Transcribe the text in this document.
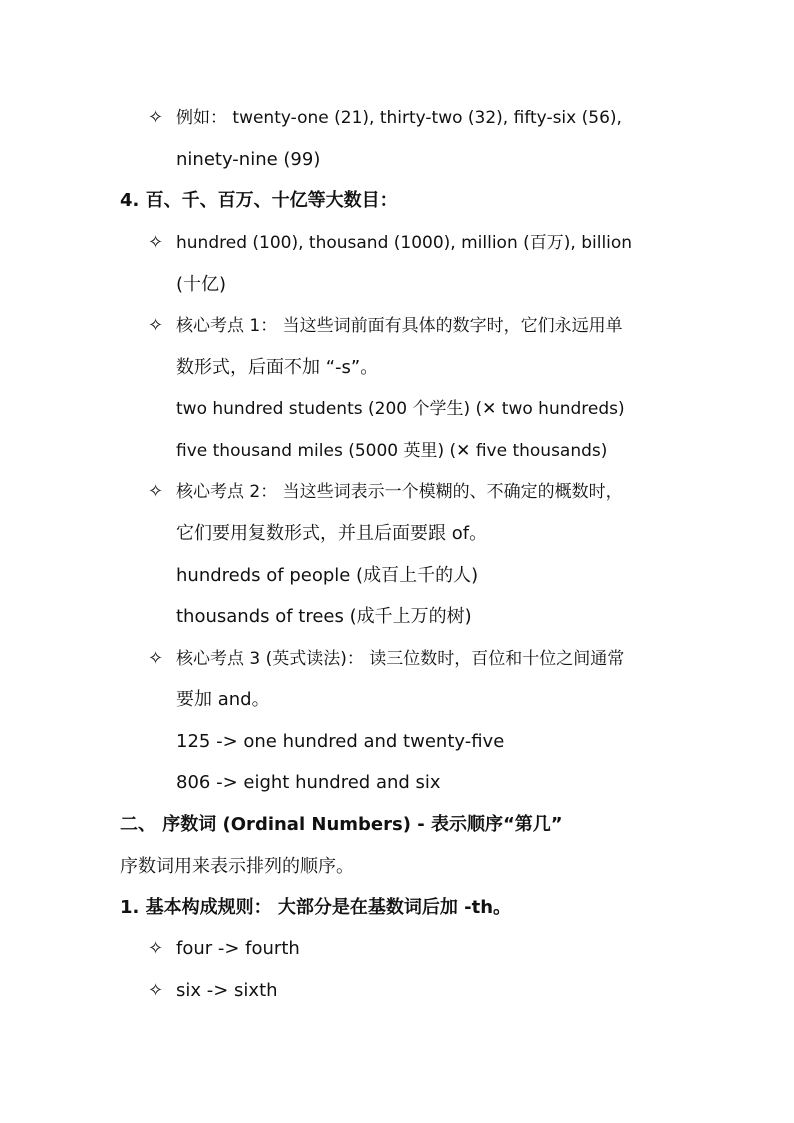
✧
✧
✧
✧
✧
✧
✧
例如： twenty-one (21), thirty-two (32), fifty-six (56),
ninety-nine (99)
4. 百、千、百万、十亿等大数目：
hundred (100), thousand (1000), million (百万), billion
(十亿)
核心考点 1： 当这些词前面有具体的数字时，它们永远用单
数形式，后面不加 “-s”。
two hundred students (200 个学生) (✕ two hundreds)
five thousand miles (5000 英里) (✕ five thousands)
核心考点 2： 当这些词表示一个模糊的、不确定的概数时，
它们要用复数形式，并且后面要跟 of。
hundreds of people (成百上千的人)
thousands of trees (成千上万的树)
核心考点 3 (英式读法)： 读三位数时，百位和十位之间通常
要加 and。
125 -> one hundred and twenty-five
806 -> eight hundred and six
二、 序数词 (Ordinal Numbers) - 表示顺序“第几”
序数词用来表示排列的顺序。
1. 基本构成规则： 大部分是在基数词后加 -th。
four -> fourth
six -> sixth
